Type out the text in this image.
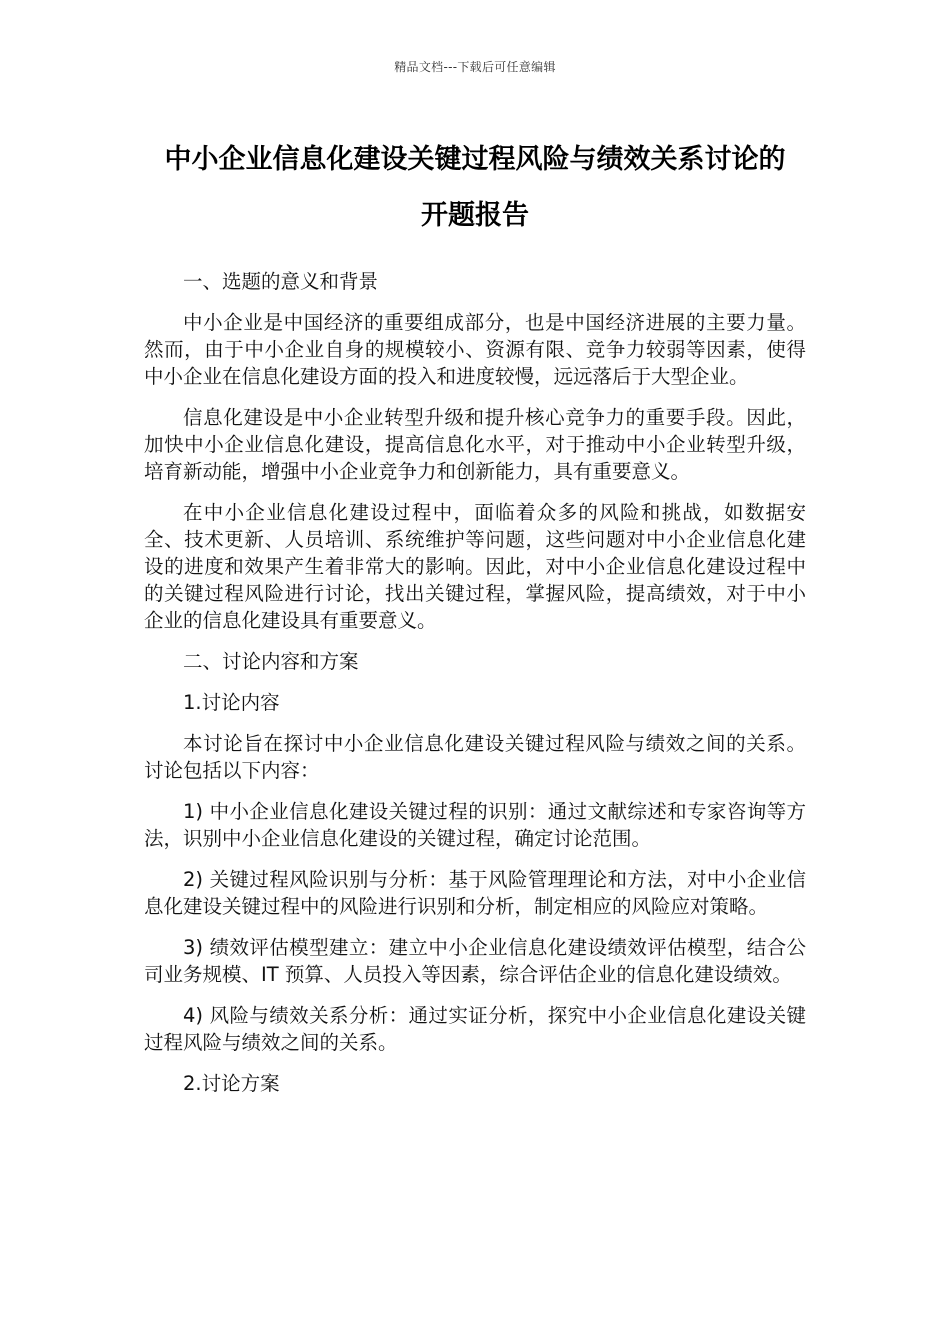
精品文档---下载后可任意编辑
中小企业信息化建设关键过程风险与绩效关系讨论的
开题报告

一、选题的意义和背景

中小企业是中国经济的重要组成部分，也是中国经济进展的主要力量。然而，由于中小企业自身的规模较小、资源有限、竞争力较弱等因素，使得中小企业在信息化建设方面的投入和进度较慢，远远落后于大型企业。

信息化建设是中小企业转型升级和提升核心竞争力的重要手段。因此，加快中小企业信息化建设，提高信息化水平，对于推动中小企业转型升级，培育新动能，增强中小企业竞争力和创新能力，具有重要意义。

在中小企业信息化建设过程中，面临着众多的风险和挑战，如数据安全、技术更新、人员培训、系统维护等问题，这些问题对中小企业信息化建设的进度和效果产生着非常大的影响。因此，对中小企业信息化建设过程中的关键过程风险进行讨论，找出关键过程，掌握风险，提高绩效，对于中小企业的信息化建设具有重要意义。

二、讨论内容和方案

1.讨论内容

本讨论旨在探讨中小企业信息化建设关键过程风险与绩效之间的关系。讨论包括以下内容：

1) 中小企业信息化建设关键过程的识别：通过文献综述和专家咨询等方法，识别中小企业信息化建设的关键过程，确定讨论范围。

2) 关键过程风险识别与分析：基于风险管理理论和方法，对中小企业信息化建设关键过程中的风险进行识别和分析，制定相应的风险应对策略。

3) 绩效评估模型建立：建立中小企业信息化建设绩效评估模型，结合公司业务规模、IT 预算、人员投入等因素，综合评估企业的信息化建设绩效。

4) 风险与绩效关系分析：通过实证分析，探究中小企业信息化建设关键过程风险与绩效之间的关系。

2.讨论方案
